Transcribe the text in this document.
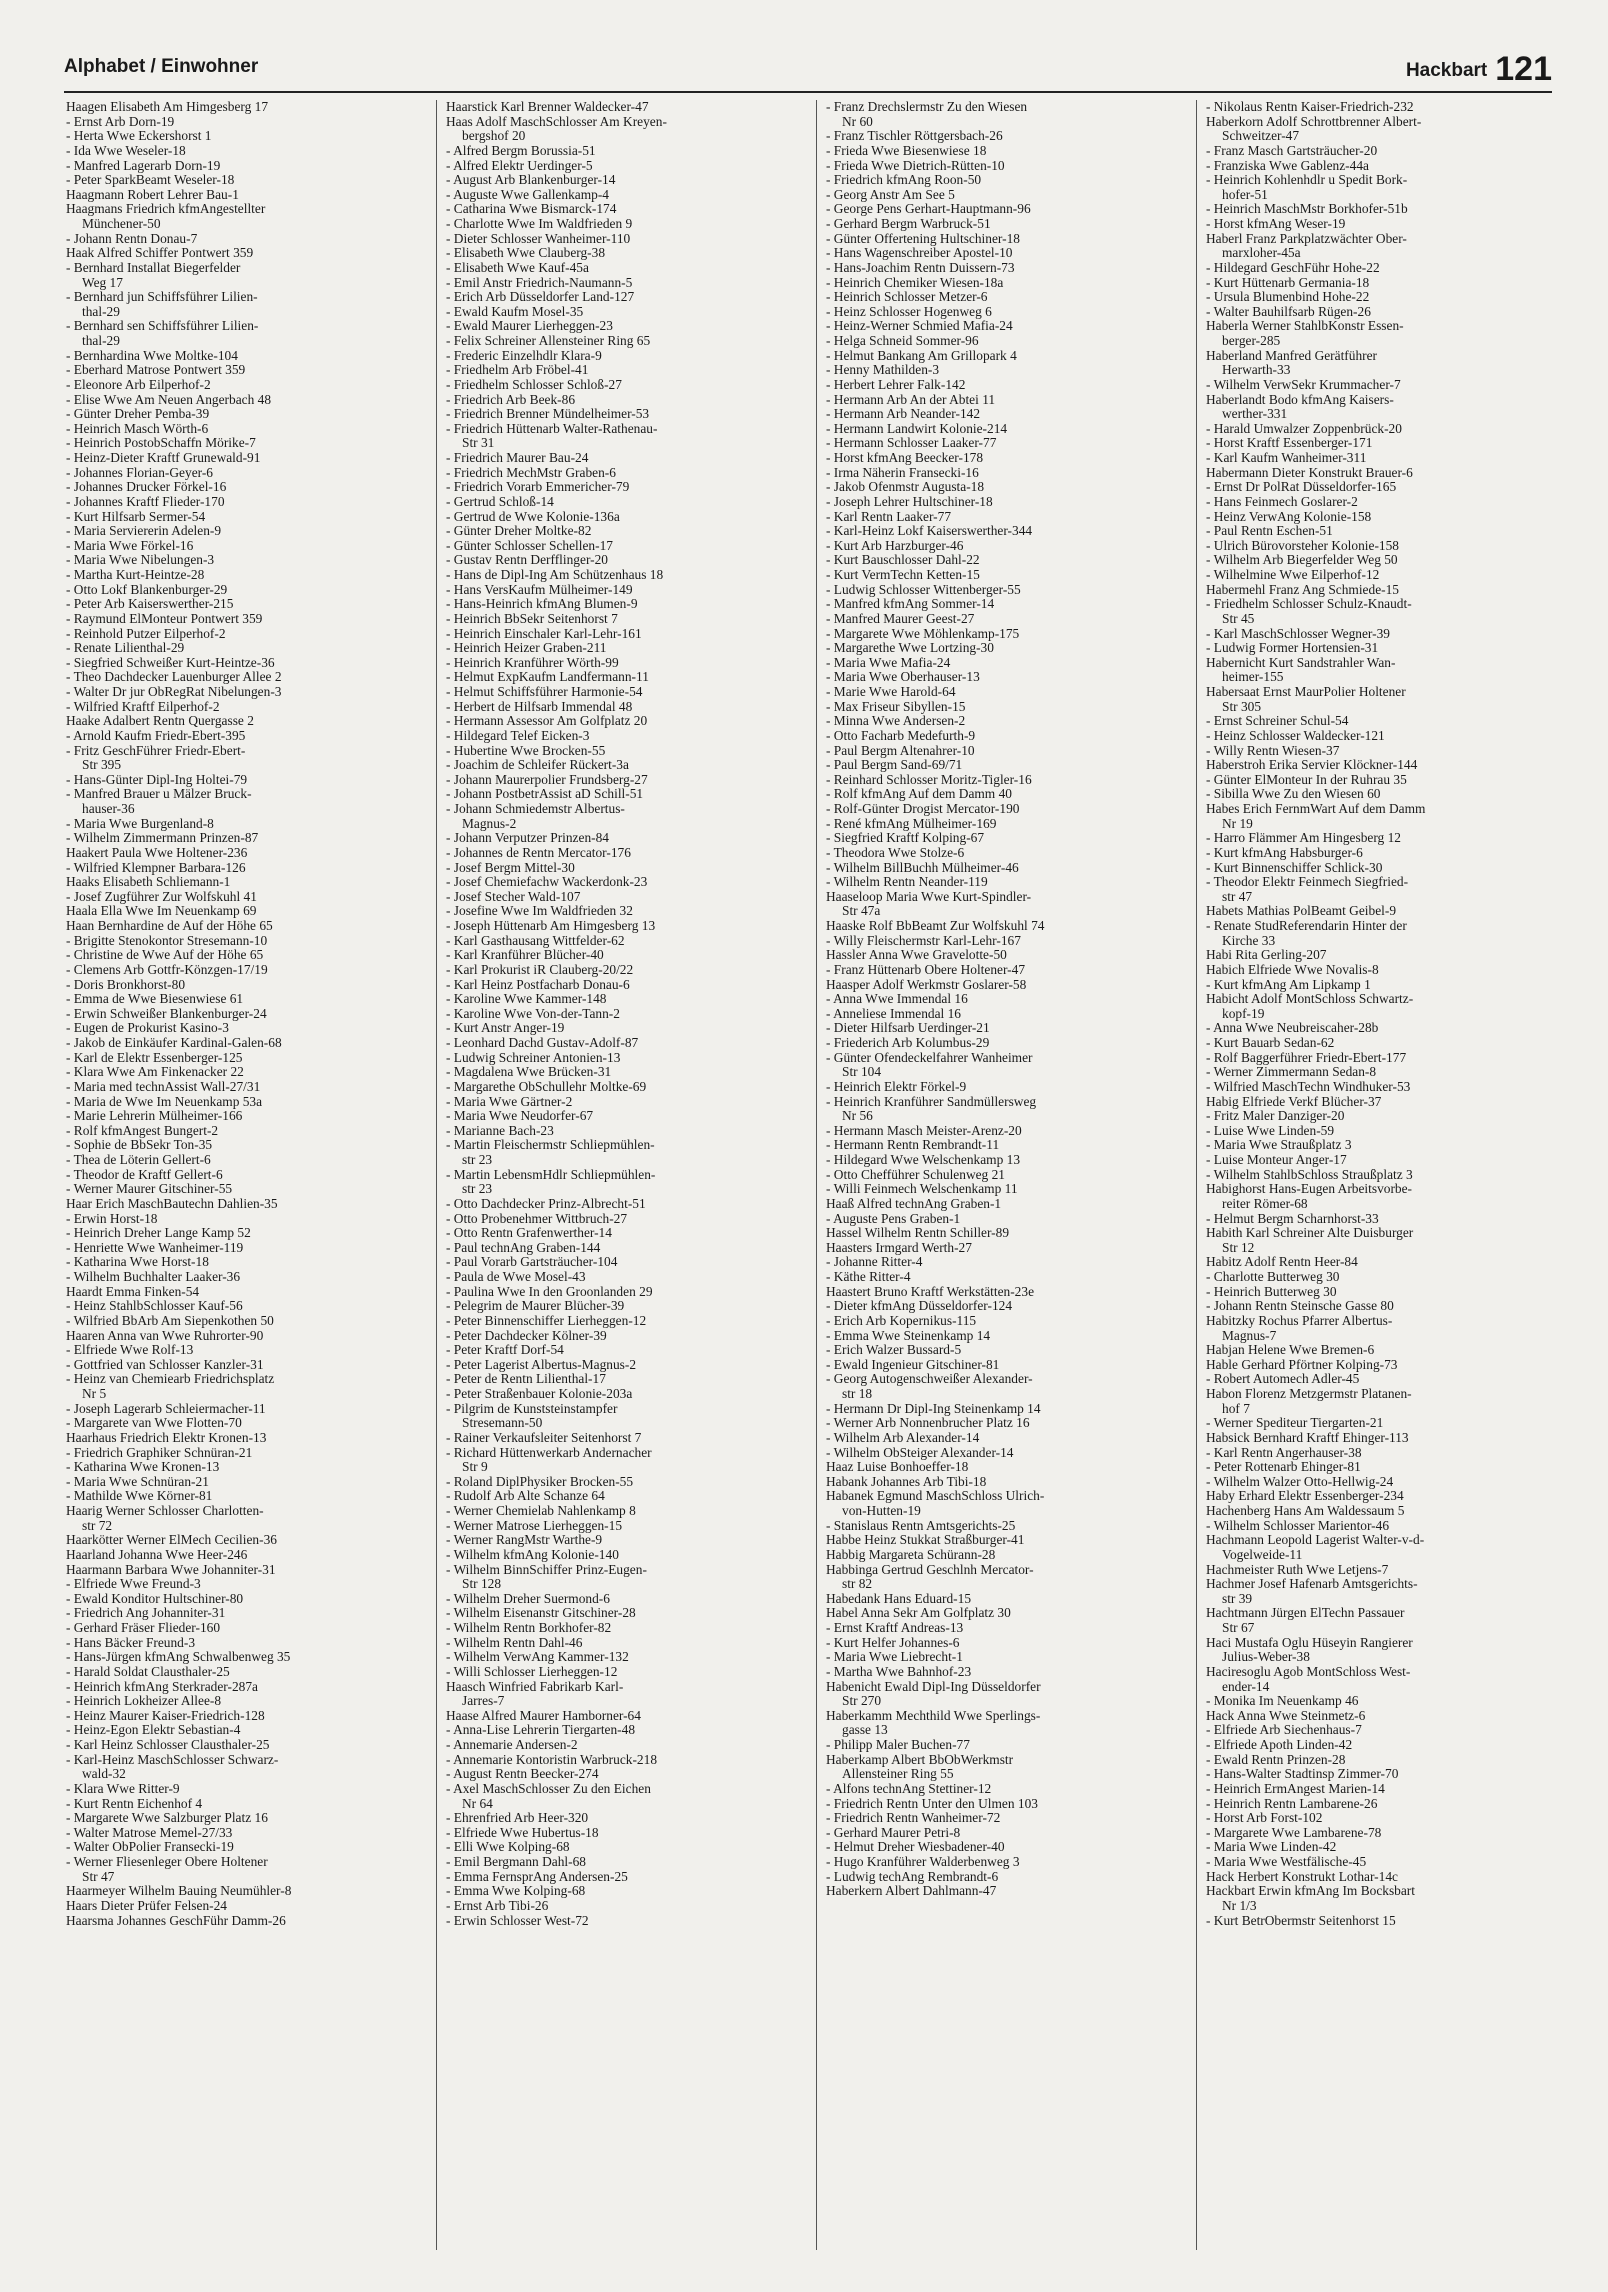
Alphabet / Einwohner	Hackbart 121
Haagen Elisabeth Am Himgesberg 17
- Ernst Arb Dorn-19
- Herta Wwe Eckershorst 1
- Ida Wwe Weseler-18
- Manfred Lagerarb Dorn-19
- Peter SparkBeamt Weseler-18
Haagmann Robert Lehrer Bau-1
Haagmans Friedrich kfmAngestellter
Münchener-50
- Johann Rentn Donau-7
Haak Alfred Schiffer Pontwert 359
- Bernhard Installat Biegerfelder
Weg 17
- Bernhard jun Schiffsführer Lilien-
thal-29
- Bernhard sen Schiffsführer Lilien-
thal-29
- Bernhardina Wwe Moltke-104
- Eberhard Matrose Pontwert 359
- Eleonore Arb Eilperhof-2
- Elise Wwe Am Neuen Angerbach 48
- Günter Dreher Pemba-39
- Heinrich Masch Wörth-6
- Heinrich PostobSchaffn Mörike-7
- Heinz-Dieter Kraftf Grunewald-91
- Johannes Florian-Geyer-6
- Johannes Drucker Förkel-16
- Johannes Kraftf Flieder-170
- Kurt Hilfsarb Sermer-54
- Maria Serviererin Adelen-9
- Maria Wwe Förkel-16
- Maria Wwe Nibelungen-3
- Martha Kurt-Heintze-28
- Otto Lokf Blankenburger-29
- Peter Arb Kaiserswerther-215
- Raymund ElMonteur Pontwert 359
- Reinhold Putzer Eilperhof-2
- Renate Lilienthal-29
- Siegfried Schweißer Kurt-Heintze-36
- Theo Dachdecker Lauenburger Allee 2
- Walter Dr jur ObRegRat Nibelungen-3
- Wilfried Kraftf Eilperhof-2
Haake Adalbert Rentn Quergasse 2
- Arnold Kaufm Friedr-Ebert-395
- Fritz GeschFührer Friedr-Ebert-
Str 395
- Hans-Günter Dipl-Ing Holtei-79
- Manfred Brauer u Mälzer Bruck-
hauser-36
- Maria Wwe Burgenland-8
- Wilhelm Zimmermann Prinzen-87
Haakert Paula Wwe Holtener-236
- Wilfried Klempner Barbara-126
Haaks Elisabeth Schliemann-1
- Josef Zugführer Zur Wolfskuhl 41
Haala Ella Wwe Im Neuenkamp 69
Haan Bernhardine de Auf der Höhe 65
- Brigitte Stenokontor Stresemann-10
- Christine de Wwe Auf der Höhe 65
- Clemens Arb Gottfr-Könzgen-17/19
- Doris Bronkhorst-80
- Emma de Wwe Biesenwiese 61
- Erwin Schweißer Blankenburger-24
- Eugen de Prokurist Kasino-3
- Jakob de Einkäufer Kardinal-Galen-68
- Karl de Elektr Essenberger-125
- Klara Wwe Am Finkenacker 22
- Maria med technAssist Wall-27/31
- Maria de Wwe Im Neuenkamp 53a
- Marie Lehrerin Mülheimer-166
- Rolf kfmAngest Bungert-2
- Sophie de BbSekr Ton-35
- Thea de Löterin Gellert-6
- Theodor de Kraftf Gellert-6
- Werner Maurer Gitschiner-55
Haar Erich MaschBautechn Dahlien-35
- Erwin Horst-18
- Heinrich Dreher Lange Kamp 52
- Henriette Wwe Wanheimer-119
- Katharina Wwe Horst-18
- Wilhelm Buchhalter Laaker-36
Haardt Emma Finken-54
- Heinz StahlbSchlosser Kauf-56
- Wilfried BbArb Am Siepenkothen 50
Haaren Anna van Wwe Ruhrorter-90
- Elfriede Wwe Rolf-13
- Gottfried van Schlosser Kanzler-31
- Heinz van Chemiearb Friedrichsplatz
Nr 5
- Joseph Lagerarb Schleiermacher-11
- Margarete van Wwe Flotten-70
Haarhaus Friedrich Elektr Kronen-13
- Friedrich Graphiker Schnüran-21
- Katharina Wwe Kronen-13
- Maria Wwe Schnüran-21
- Mathilde Wwe Körner-81
Haarig Werner Schlosser Charlotten-
str 72
Haarkötter Werner ElMech Cecilien-36
Haarland Johanna Wwe Heer-246
Haarmann Barbara Wwe Johanniter-31
- Elfriede Wwe Freund-3
- Ewald Konditor Hultschiner-80
- Friedrich Ang Johanniter-31
- Gerhard Fräser Flieder-160
- Hans Bäcker Freund-3
- Hans-Jürgen kfmAng Schwalbenweg 35
- Harald Soldat Clausthaler-25
- Heinrich kfmAng Sterkrader-287a
- Heinrich Lokheizer Allee-8
- Heinz Maurer Kaiser-Friedrich-128
- Heinz-Egon Elektr Sebastian-4
- Karl Heinz Schlosser Clausthaler-25
- Karl-Heinz MaschSchlosser Schwarz-
wald-32
- Klara Wwe Ritter-9
- Kurt Rentn Eichenhof 4
- Margarete Wwe Salzburger Platz 16
- Walter Matrose Memel-27/33
- Walter ObPolier Fransecki-19
- Werner Fliesenleger Obere Holtener
Str 47
Haarmeyer Wilhelm Bauing Neumühler-8
Haars Dieter Prüfer Felsen-24
Haarsma Johannes GeschFühr Damm-26
Haarstick Karl Brenner Waldecker-47
Haas Adolf MaschSchlosser Am Kreyen-
bergshof 20
- Alfred Bergm Borussia-51
- Alfred Elektr Uerdinger-5
- August Arb Blankenburger-14
- Auguste Wwe Gallenkamp-4
- Catharina Wwe Bismarck-174
- Charlotte Wwe Im Waldfrieden 9
- Dieter Schlosser Wanheimer-110
- Elisabeth Wwe Clauberg-38
- Elisabeth Wwe Kauf-45a
- Emil Anstr Friedrich-Naumann-5
- Erich Arb Düsseldorfer Land-127
- Ewald Kaufm Mosel-35
- Ewald Maurer Lierheggen-23
- Felix Schreiner Allensteiner Ring 65
- Frederic Einzelhdlr Klara-9
- Friedhelm Arb Fröbel-41
- Friedhelm Schlosser Schloß-27
- Friedrich Arb Beek-86
- Friedrich Brenner Mündelheimer-53
- Friedrich Hüttenarb Walter-Rathenau-
Str 31
- Friedrich Maurer Bau-24
- Friedrich MechMstr Graben-6
- Friedrich Vorarb Emmericher-79
- Gertrud Schloß-14
- Gertrud de Wwe Kolonie-136a
- Günter Dreher Moltke-82
- Günter Schlosser Schellen-17
- Gustav Rentn Derfflinger-20
- Hans de Dipl-Ing Am Schützenhaus 18
- Hans VersKaufm Mülheimer-149
- Hans-Heinrich kfmAng Blumen-9
- Heinrich BbSekr Seitenhorst 7
- Heinrich Einschaler Karl-Lehr-161
- Heinrich Heizer Graben-211
- Heinrich Kranführer Wörth-99
- Helmut ExpKaufm Landfermann-11
- Helmut Schiffsführer Harmonie-54
- Herbert de Hilfsarb Immendal 48
- Hermann Assessor Am Golfplatz 20
- Hildegard Telef Eicken-3
- Hubertine Wwe Brocken-55
- Joachim de Schleifer Rückert-3a
- Johann Maurerpolier Frundsberg-27
- Johann PostbetrAssist aD Schill-51
- Johann Schmiedemstr Albertus-
Magnus-2
- Johann Verputzer Prinzen-84
- Johannes de Rentn Mercator-176
- Josef Bergm Mittel-30
- Josef Chemiefachw Wackerdonk-23
- Josef Stecher Wald-107
- Josefine Wwe Im Waldfrieden 32
- Joseph Hüttenarb Am Himgesberg 13
- Karl Gasthausang Wittfelder-62
- Karl Kranführer Blücher-40
- Karl Prokurist iR Clauberg-20/22
- Karl Heinz Postfacharb Donau-6
- Karoline Wwe Kammer-148
- Karoline Wwe Von-der-Tann-2
- Kurt Anstr Anger-19
- Leonhard Dachd Gustav-Adolf-87
- Ludwig Schreiner Antonien-13
- Magdalena Wwe Brücken-31
- Margarethe ObSchullehr Moltke-69
- Maria Wwe Gärtner-2
- Maria Wwe Neudorfer-67
- Marianne Bach-23
- Martin Fleischermstr Schliepmühlen-
str 23
- Martin LebensmHdlr Schliepmühlen-
str 23
- Otto Dachdecker Prinz-Albrecht-51
- Otto Probenehmer Wittbruch-27
- Otto Rentn Grafenwerther-14
- Paul technAng Graben-144
- Paul Vorarb Gartsträucher-104
- Paula de Wwe Mosel-43
- Paulina Wwe In den Groonlanden 29
- Pelegrim de Maurer Blücher-39
- Peter Binnenschiffer Lierheggen-12
- Peter Dachdecker Kölner-39
- Peter Kraftf Dorf-54
- Peter Lagerist Albertus-Magnus-2
- Peter de Rentn Lilienthal-17
- Peter Straßenbauer Kolonie-203a
- Pilgrim de Kunststeinstampfer
Stresemann-50
- Rainer Verkaufsleiter Seitenhorst 7
- Richard Hüttenwerkarb Andernacher
Str 9
- Roland DiplPhysiker Brocken-55
- Rudolf Arb Alte Schanze 64
- Werner Chemielab Nahlenkamp 8
- Werner Matrose Lierheggen-15
- Werner RangMstr Warthe-9
- Wilhelm kfmAng Kolonie-140
- Wilhelm BinnSchiffer Prinz-Eugen-
Str 128
- Wilhelm Dreher Suermond-6
- Wilhelm Eisenanstr Gitschiner-28
- Wilhelm Rentn Borkhofer-82
- Wilhelm Rentn Dahl-46
- Wilhelm VerwAng Kammer-132
- Willi Schlosser Lierheggen-12
Haasch Winfried Fabrikarb Karl-
Jarres-7
Haase Alfred Maurer Hamborner-64
- Anna-Lise Lehrerin Tiergarten-48
- Annemarie Andersen-2
- Annemarie Kontoristin Warbruck-218
- August Rentn Beecker-274
- Axel MaschSchlosser Zu den Eichen
Nr 64
- Ehrenfried Arb Heer-320
- Elfriede Wwe Hubertus-18
- Elli Wwe Kolping-68
- Emil Bergmann Dahl-68
- Emma FernsprAng Andersen-25
- Emma Wwe Kolping-68
- Ernst Arb Tibi-26
- Erwin Schlosser West-72
- Franz Drechslermstr Zu den Wiesen
Nr 60
- Franz Tischler Röttgersbach-26
- Frieda Wwe Biesenwiese 18
- Frieda Wwe Dietrich-Rütten-10
- Friedrich kfmAng Roon-50
- Georg Anstr Am See 5
- George Pens Gerhart-Hauptmann-96
- Gerhard Bergm Warbruck-51
- Günter Offertening Hultschiner-18
- Hans Wagenschreiber Apostel-10
- Hans-Joachim Rentn Duissern-73
- Heinrich Chemiker Wiesen-18a
- Heinrich Schlosser Metzer-6
- Heinz Schlosser Hogenweg 6
- Heinz-Werner Schmied Mafia-24
- Helga Schneid Sommer-96
- Helmut Bankang Am Grillopark 4
- Henny Mathilden-3
- Herbert Lehrer Falk-142
- Hermann Arb An der Abtei 11
- Hermann Arb Neander-142
- Hermann Landwirt Kolonie-214
- Hermann Schlosser Laaker-77
- Horst kfmAng Beecker-178
- Irma Näherin Fransecki-16
- Jakob Ofenmstr Augusta-18
- Joseph Lehrer Hultschiner-18
- Karl Rentn Laaker-77
- Karl-Heinz Lokf Kaiserswerther-344
- Kurt Arb Harzburger-46
- Kurt Bauschlosser Dahl-22
- Kurt VermTechn Ketten-15
- Ludwig Schlosser Wittenberger-55
- Manfred kfmAng Sommer-14
- Manfred Maurer Geest-27
- Margarete Wwe Möhlenkamp-175
- Margarethe Wwe Lortzing-30
- Maria Wwe Mafia-24
- Maria Wwe Oberhauser-13
- Marie Wwe Harold-64
- Max Friseur Sibyllen-15
- Minna Wwe Andersen-2
- Otto Facharb Medefurth-9
- Paul Bergm Altenahrer-10
- Paul Bergm Sand-69/71
- Reinhard Schlosser Moritz-Tigler-16
- Rolf kfmAng Auf dem Damm 40
- Rolf-Günter Drogist Mercator-190
- René kfmAng Mülheimer-169
- Siegfried Kraftf Kolping-67
- Theodora Wwe Stolze-6
- Wilhelm BillBuchh Mülheimer-46
- Wilhelm Rentn Neander-119
Haaseloop Maria Wwe Kurt-Spindler-
Str 47a
Haaske Rolf BbBeamt Zur Wolfskuhl 74
- Willy Fleischermstr Karl-Lehr-167
Hassler Anna Wwe Gravelotte-50
- Franz Hüttenarb Obere Holtener-47
Haasper Adolf Werkmstr Goslarer-58
- Anna Wwe Immendal 16
- Anneliese Immendal 16
- Dieter Hilfsarb Uerdinger-21
- Friederich Arb Kolumbus-29
- Günter Ofendeckelfahrer Wanheimer
Str 104
- Heinrich Elektr Förkel-9
- Heinrich Kranführer Sandmüllersweg
Nr 56
- Hermann Masch Meister-Arenz-20
- Hermann Rentn Rembrandt-11
- Hildegard Wwe Welschenkamp 13
- Otto Chefführer Schulenweg 21
- Willi Feinmech Welschenkamp 11
Haaß Alfred technAng Graben-1
- Auguste Pens Graben-1
Hassel Wilhelm Rentn Schiller-89
Haasters Irmgard Werth-27
- Johanne Ritter-4
- Käthe Ritter-4
Haastert Bruno Kraftf Werkstätten-23e
- Dieter kfmAng Düsseldorfer-124
- Erich Arb Kopernikus-115
- Emma Wwe Steinenkamp 14
- Erich Walzer Bussard-5
- Ewald Ingenieur Gitschiner-81
- Georg Autogenschweißer Alexander-
str 18
- Hermann Dr Dipl-Ing Steinenkamp 14
- Werner Arb Nonnenbrucher Platz 16
- Wilhelm Arb Alexander-14
- Wilhelm ObSteiger Alexander-14
Haaz Luise Bonhoeffer-18
Habank Johannes Arb Tibi-18
Habanek Egmund MaschSchloss Ulrich-
von-Hutten-19
- Stanislaus Rentn Amtsgerichts-25
Habbe Heinz Stukkat Straßburger-41
Habbig Margareta Schürann-28
Habbinga Gertrud Geschlnh Mercator-
str 82
Habedank Hans Eduard-15
Habel Anna Sekr Am Golfplatz 30
- Ernst Kraftf Andreas-13
- Kurt Helfer Johannes-6
- Maria Wwe Liebrecht-1
- Martha Wwe Bahnhof-23
Habenicht Ewald Dipl-Ing Düsseldorfer
Str 270
Haberkamm Mechthild Wwe Sperlings-
gasse 13
- Philipp Maler Buchen-77
Haberkamp Albert BbObWerkmstr
Allensteiner Ring 55
- Alfons technAng Stettiner-12
- Friedrich Rentn Unter den Ulmen 103
- Friedrich Rentn Wanheimer-72
- Gerhard Maurer Petri-8
- Helmut Dreher Wiesbadener-40
- Hugo Kranführer Walderbenweg 3
- Ludwig techAng Rembrandt-6
Haberkern Albert Dahlmann-47
- Nikolaus Rentn Kaiser-Friedrich-232
Haberkorn Adolf Schrottbrenner Albert-
Schweitzer-47
- Franz Masch Gartsträucher-20
- Franziska Wwe Gablenz-44a
- Heinrich Kohlenhdlr u Spedit Bork-
hofer-51
- Heinrich MaschMstr Borkhofer-51b
- Horst kfmAng Weser-19
Haberl Franz Parkplatzwächter Ober-
marxloher-45a
- Hildegard GeschFühr Hohe-22
- Kurt Hüttenarb Germania-18
- Ursula Blumenbind Hohe-22
- Walter Bauhilfsarb Rügen-26
Haberla Werner StahlbKonstr Essen-
berger-285
Haberland Manfred Gerätführer
Herwarth-33
- Wilhelm VerwSekr Krummacher-7
Haberlandt Bodo kfmAng Kaisers-
werther-331
- Harald Umwalzer Zoppenbrück-20
- Horst Kraftf Essenberger-171
- Karl Kaufm Wanheimer-311
Habermann Dieter Konstrukt Brauer-6
- Ernst Dr PolRat Düsseldorfer-165
- Hans Feinmech Goslarer-2
- Heinz VerwAng Kolonie-158
- Paul Rentn Eschen-51
- Ulrich Bürovorsteher Kolonie-158
- Wilhelm Arb Biegerfelder Weg 50
- Wilhelmine Wwe Eilperhof-12
Habermehl Franz Ang Schmiede-15
- Friedhelm Schlosser Schulz-Knaudt-
Str 45
- Karl MaschSchlosser Wegner-39
- Ludwig Former Hortensien-31
Habernicht Kurt Sandstrahler Wan-
heimer-155
Habersaat Ernst MaurPolier Holtener
Str 305
- Ernst Schreiner Schul-54
- Heinz Schlosser Waldecker-121
- Willy Rentn Wiesen-37
Haberstroh Erika Servier Klöckner-144
- Günter ElMonteur In der Ruhrau 35
- Sibilla Wwe Zu den Wiesen 60
Habes Erich FernmWart Auf dem Damm
Nr 19
- Harro Flämmer Am Hingesberg 12
- Kurt kfmAng Habsburger-6
- Kurt Binnenschiffer Schlick-30
- Theodor Elektr Feinmech Siegfried-
str 47
Habets Mathias PolBeamt Geibel-9
- Renate StudReferendarin Hinter der
Kirche 33
Habi Rita Gerling-207
Habich Elfriede Wwe Novalis-8
- Kurt kfmAng Am Lipkamp 1
Habicht Adolf MontSchloss Schwartz-
kopf-19
- Anna Wwe Neubreiscaher-28b
- Kurt Bauarb Sedan-62
- Rolf Baggerführer Friedr-Ebert-177
- Werner Zimmermann Sedan-8
- Wilfried MaschTechn Windhuker-53
Habig Elfriede Verkf Blücher-37
- Fritz Maler Danziger-20
- Luise Wwe Linden-59
- Maria Wwe Straußplatz 3
- Luise Monteur Anger-17
- Wilhelm StahlbSchloss Straußplatz 3
Habighorst Hans-Eugen Arbeitsvorbe-
reiter Römer-68
- Helmut Bergm Scharnhorst-33
Habith Karl Schreiner Alte Duisburger
Str 12
Habitz Adolf Rentn Heer-84
- Charlotte Butterweg 30
- Heinrich Butterweg 30
- Johann Rentn Steinsche Gasse 80
Habitzky Rochus Pfarrer Albertus-
Magnus-7
Habjan Helene Wwe Bremen-6
Hable Gerhard Pförtner Kolping-73
- Robert Automech Adler-45
Habon Florenz Metzgermstr Platanen-
hof 7
- Werner Spediteur Tiergarten-21
Habsick Bernhard Kraftf Ehinger-113
- Karl Rentn Angerhauser-38
- Peter Rottenarb Ehinger-81
- Wilhelm Walzer Otto-Hellwig-24
Haby Erhard Elektr Essenberger-234
Hachenberg Hans Am Waldessaum 5
- Wilhelm Schlosser Marientor-46
Hachmann Leopold Lagerist Walter-v-d-
Vogelweide-11
Hachmeister Ruth Wwe Letjens-7
Hachmer Josef Hafenarb Amtsgerichts-
str 39
Hachtmann Jürgen ElTechn Passauer
Str 67
Haci Mustafa Oglu Hüseyin Rangierer
Julius-Weber-38
Haciresoglu Agob MontSchloss West-
ender-14
- Monika Im Neuenkamp 46
Hack Anna Wwe Steinmetz-6
- Elfriede Arb Siechenhaus-7
- Elfriede Apoth Linden-42
- Ewald Rentn Prinzen-28
- Hans-Walter Stadtinsp Zimmer-70
- Heinrich ErmAngest Marien-14
- Heinrich Rentn Lambarene-26
- Horst Arb Forst-102
- Margarete Wwe Lambarene-78
- Maria Wwe Linden-42
- Maria Wwe Westfälische-45
Hack Herbert Konstrukt Lothar-14c
Hackbart Erwin kfmAng Im Bocksbart
Nr 1/3
- Kurt BetrObermstr Seitenhorst 15
